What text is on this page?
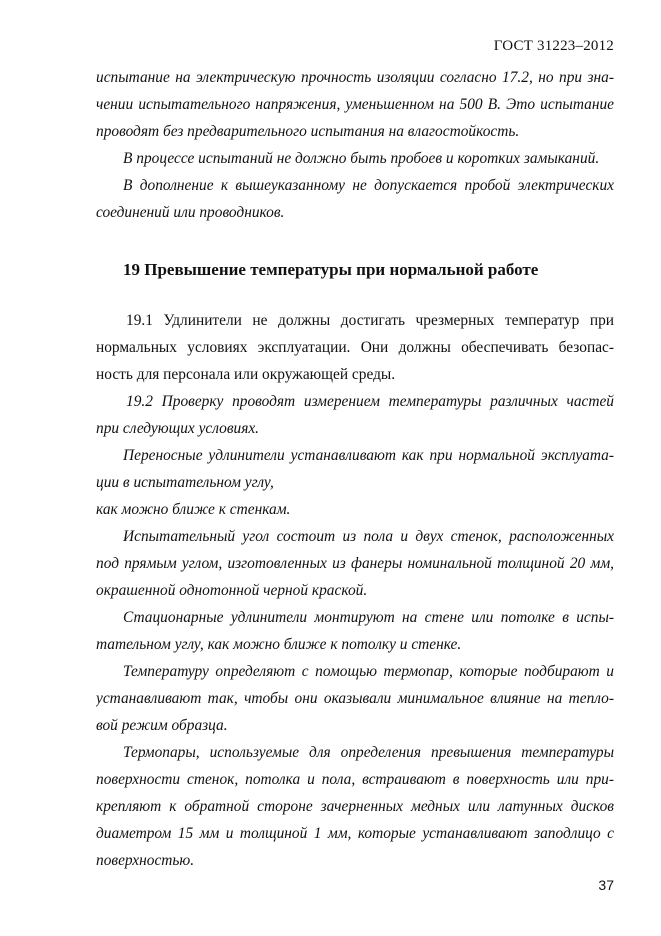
ГОСТ 31223–2012
испытание на электрическую прочность изоляции согласно 17.2, но при зна-
чении испытательного напряжения, уменьшенном на 500 В. Это испытание
проводят без предварительного испытания на влагостойкость.
В процессе испытаний не должно быть пробоев и коротких замыканий.
В дополнение к вышеуказанному не допускается пробой электрических
соединений или проводников.
19 Превышение температуры при нормальной работе
19.1 Удлинители не должны достигать чрезмерных температур при
нормальных условиях эксплуатации. Они должны обеспечивать безопас-
ность для персонала или окружающей среды.
19.2 Проверку проводят измерением температуры различных частей
при следующих условиях.
Переносные удлинители устанавливают как при нормальной эксплуата-
ции в испытательном углу,
как можно ближе к стенкам.
Испытательный угол состоит из пола и двух стенок, расположенных
под прямым углом, изготовленных из фанеры номинальной толщиной 20 мм,
окрашенной однотонной черной краской.
Стационарные удлинители монтируют на стене или потолке в испы-
тательном углу, как можно ближе к потолку и стенке.
Температуру определяют с помощью термопар, которые подбирают и
устанавливают так, чтобы они оказывали минимальное влияние на тепло-
вой режим образца.
Термопары, используемые для определения превышения температуры
поверхности стенок, потолка и пола, встраивают в поверхность или при-
крепляют к обратной стороне зачерненных медных или латунных дисков
диаметром 15 мм и толщиной 1 мм, которые устанавливают заподлицо с
поверхностью.
37
